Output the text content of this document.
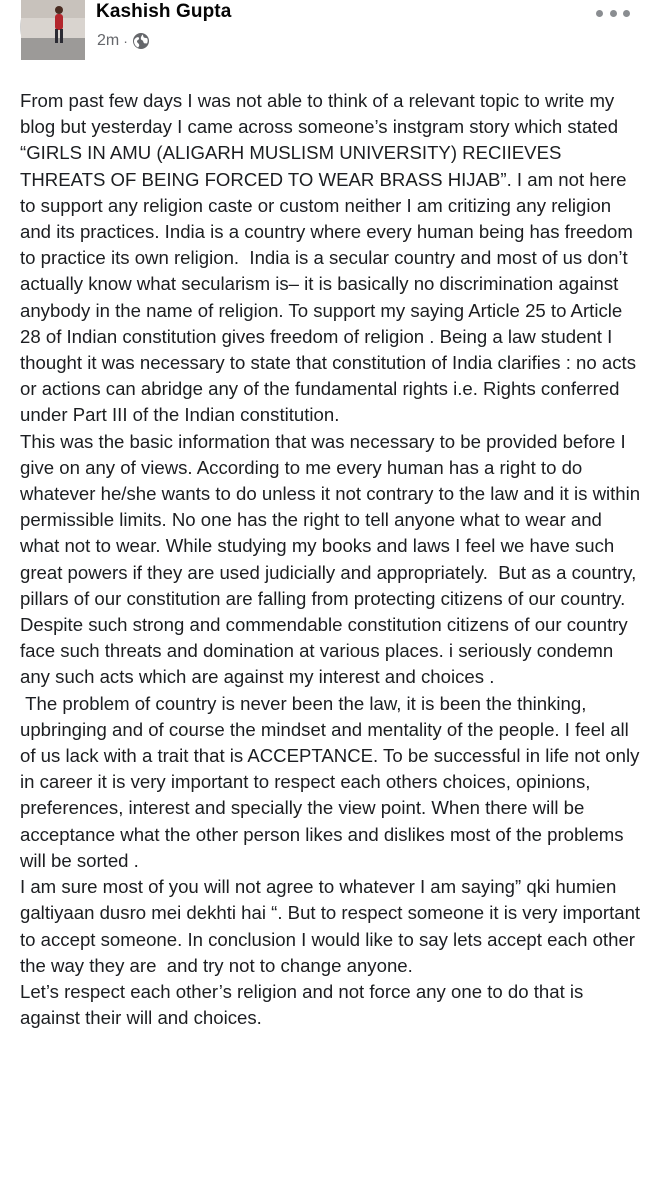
Kashish Gupta
2m ·

From past few days I was not able to think of a relevant topic to write my blog but yesterday I came across someone’s instgram story which stated “GIRLS IN AMU (ALIGARH MUSLISM UNIVERSITY) RECIIEVES THREATS OF BEING FORCED TO WEAR BRASS HIJAB”. I am not here to support any religion caste or custom neither I am critizing any religion and its practices. India is a country where every human being has freedom to practice its own religion.  India is a secular country and most of us don’t actually know what secularism is– it is basically no discrimination against anybody in the name of religion. To support my saying Article 25 to Article 28 of Indian constitution gives freedom of religion . Being a law student I thought it was necessary to state that constitution of India clarifies : no acts or actions can abridge any of the fundamental rights i.e. Rights conferred under Part III of the Indian constitution.

This was the basic information that was necessary to be provided before I give on any of views. According to me every human has a right to do whatever he/she wants to do unless it not contrary to the law and it is within permissible limits. No one has the right to tell anyone what to wear and what not to wear. While studying my books and laws I feel we have such great powers if they are used judicially and appropriately.  But as a country, pillars of our constitution are falling from protecting citizens of our country. Despite such strong and commendable constitution citizens of our country face such threats and domination at various places. i seriously condemn any such acts which are against my interest and choices .

The problem of country is never been the law, it is been the thinking, upbringing and of course the mindset and mentality of the people. I feel all of us lack with a trait that is ACCEPTANCE. To be successful in life not only in career it is very important to respect each others choices, opinions, preferences, interest and specially the view point. When there will be acceptance what the other person likes and dislikes most of the problems will be sorted .

I am sure most of you will not agree to whatever I am saying” qki humien galtiyaan dusro mei dekhti hai “. But to respect someone it is very important to accept someone. In conclusion I would like to say lets accept each other the way they are  and try not to change anyone.

Let’s respect each other’s religion and not force any one to do that is against their will and choices.
